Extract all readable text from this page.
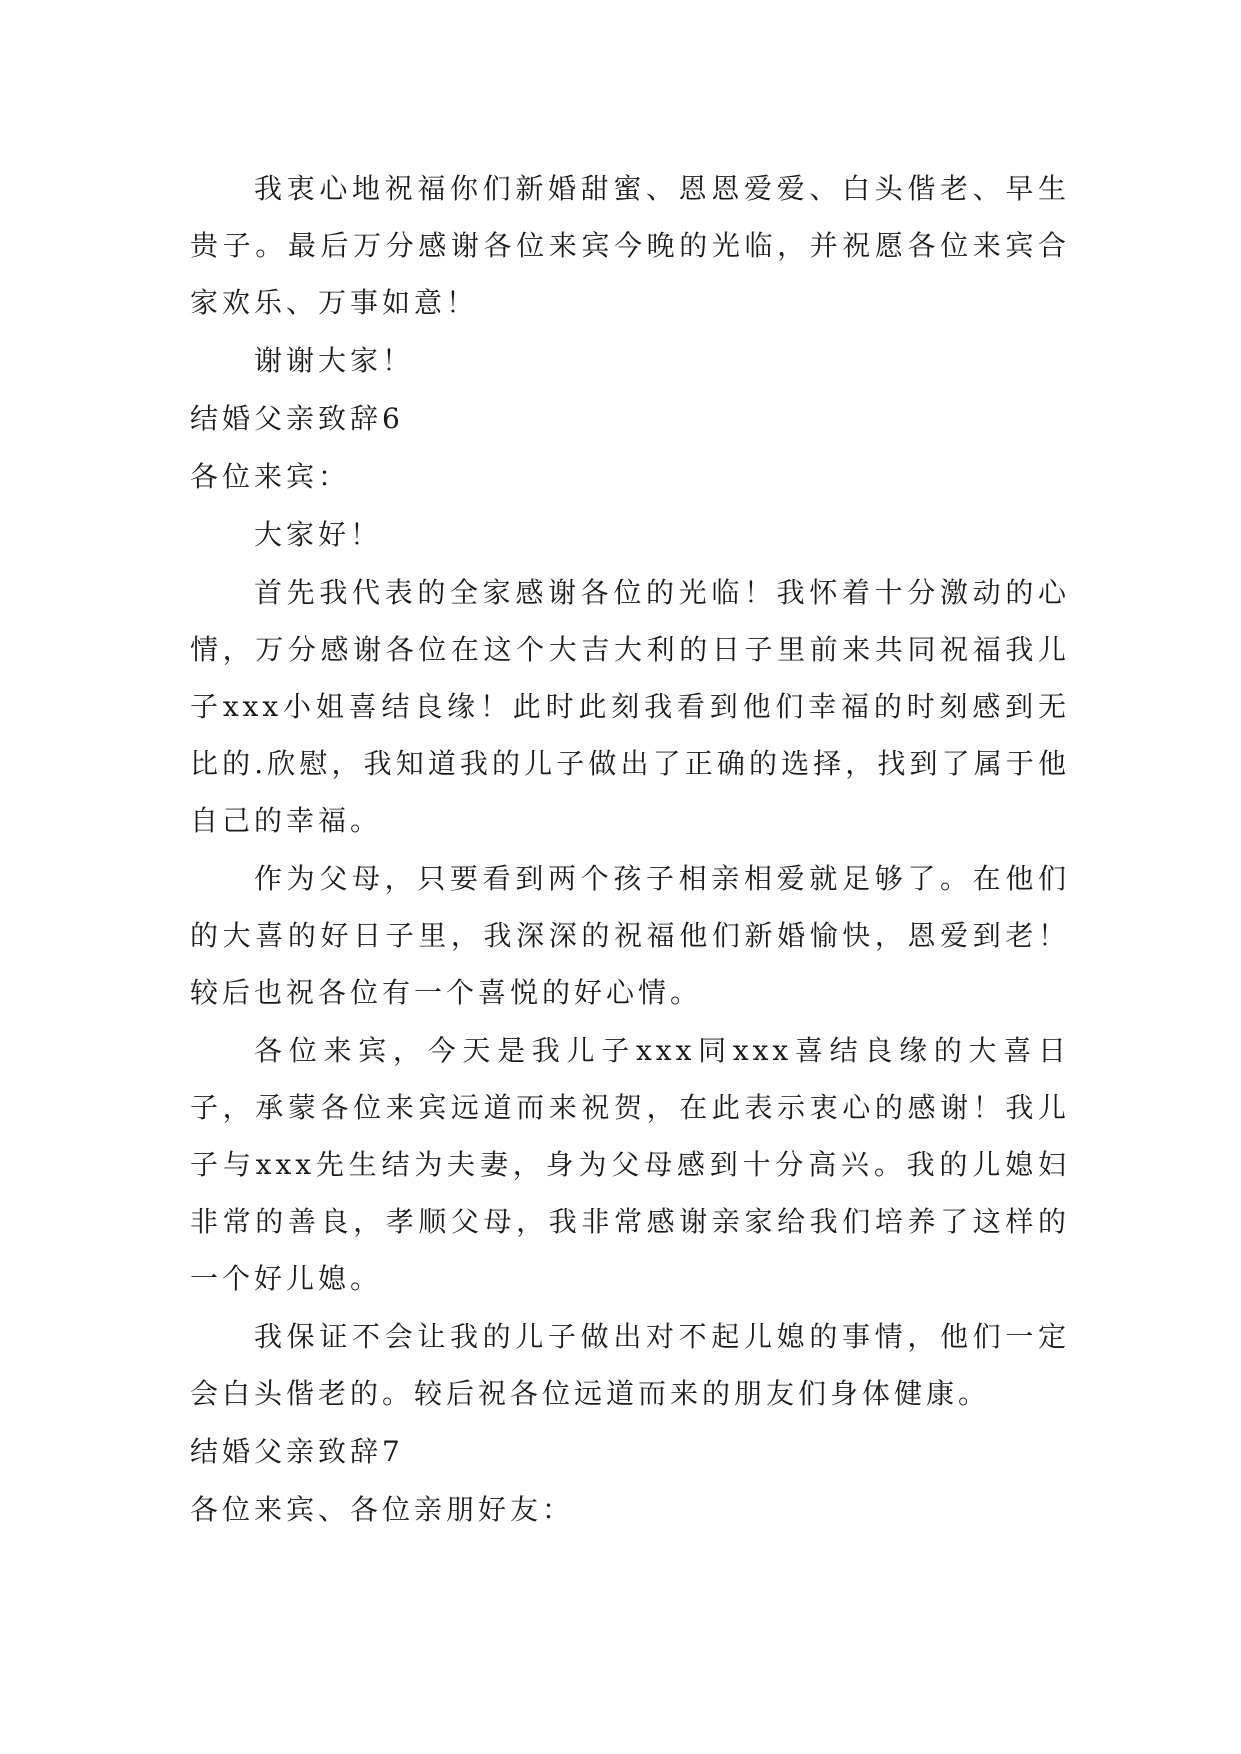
我衷心地祝福你们新婚甜蜜、恩恩爱爱、白头偕老、早生贵子。最后万分感谢各位来宾今晚的光临，并祝愿各位来宾合家欢乐、万事如意！

谢谢大家！

结婚父亲致辞6

各位来宾：

大家好！

首先我代表的全家感谢各位的光临！我怀着十分激动的心情，万分感谢各位在这个大吉大利的日子里前来共同祝福我儿子xxx小姐喜结良缘！此时此刻我看到他们幸福的时刻感到无比的.欣慰，我知道我的儿子做出了正确的选择，找到了属于他自己的幸福。

作为父母，只要看到两个孩子相亲相爱就足够了。在他们的大喜的好日子里，我深深的祝福他们新婚愉快，恩爱到老！较后也祝各位有一个喜悦的好心情。

各位来宾，今天是我儿子xxx同xxx喜结良缘的大喜日子，承蒙各位来宾远道而来祝贺，在此表示衷心的感谢！我儿子与xxx先生结为夫妻，身为父母感到十分高兴。我的儿媳妇非常的善良，孝顺父母，我非常感谢亲家给我们培养了这样的一个好儿媳。

我保证不会让我的儿子做出对不起儿媳的事情，他们一定会白头偕老的。较后祝各位远道而来的朋友们身体健康。

结婚父亲致辞7

各位来宾、各位亲朋好友：
